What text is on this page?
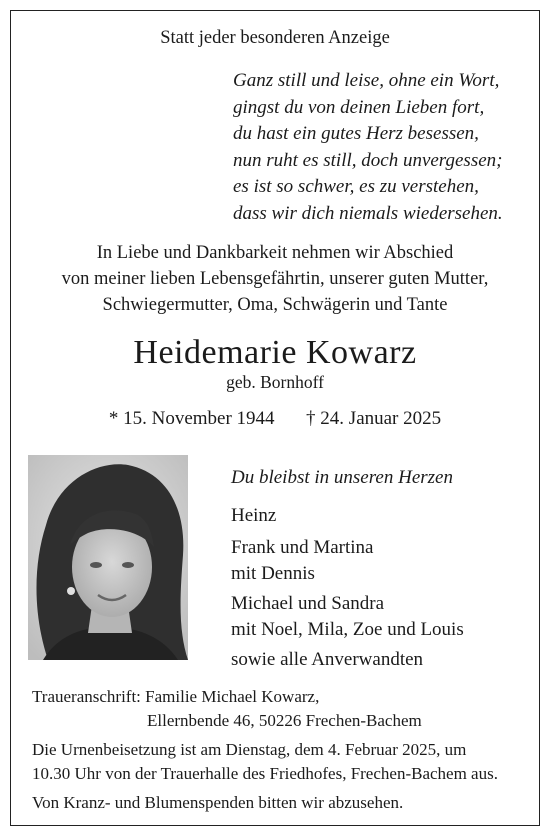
Statt jeder besonderen Anzeige
Ganz still und leise, ohne ein Wort,
gingst du von deinen Lieben fort,
du hast ein gutes Herz besessen,
nun ruht es still, doch unvergessen;
es ist so schwer, es zu verstehen,
dass wir dich niemals wiedersehen.
In Liebe und Dankbarkeit nehmen wir Abschied
von meiner lieben Lebensgefährtin, unserer guten Mutter,
Schwiegermutter, Oma, Schwägerin und Tante
Heidemarie Kowarz
geb. Bornhoff
* 15. November 1944 † 24. Januar 2025
Du bleibst in unseren Herzen
Heinz
Frank und Martina
mit Dennis
Michael und Sandra
mit Noel, Mila, Zoe und Louis
sowie alle Anverwandten
Traueranschrift: Familie Michael Kowarz,
Ellernbende 46, 50226 Frechen-Bachem
Die Urnenbeisetzung ist am Dienstag, dem 4. Februar 2025, um
10.30 Uhr von der Trauerhalle des Friedhofes, Frechen-Bachem aus.
Von Kranz- und Blumenspenden bitten wir abzusehen.
